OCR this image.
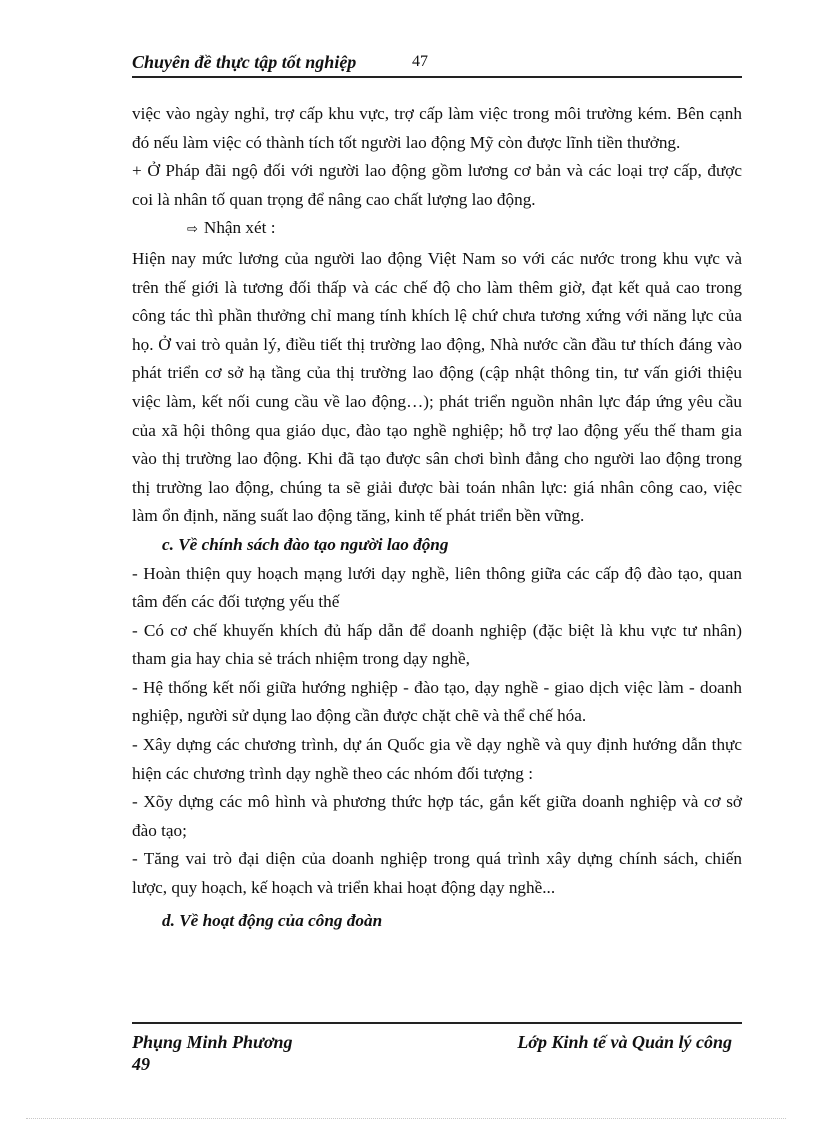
Chuyên đề thực tập tốt nghiệp	47
việc vào ngày nghỉ, trợ cấp khu vực, trợ cấp làm việc trong môi trường kém. Bên cạnh đó nếu làm việc có thành tích tốt người lao động Mỹ còn được lĩnh tiền thưởng.
+ Ở Pháp đãi ngộ đối với người lao động gồm lương cơ bản và các loại trợ cấp, được coi là nhân tố quan trọng để nâng cao chất lượng lao động.
⇨ Nhận xét :
Hiện nay mức lương của người lao động Việt Nam so với các nước trong khu vực và trên thế giới là tương đối thấp và các chế độ cho làm thêm giờ, đạt kết quả cao trong công tác thì phần thưởng chỉ mang tính khích lệ chứ chưa tương xứng với năng lực của họ. Ở vai trò quản lý, điều tiết thị trường lao động, Nhà nước cần đầu tư thích đáng vào phát triển cơ sở hạ tầng của thị trường lao động (cập nhật thông tin, tư vấn giới thiệu việc làm, kết nối cung cầu về lao động…); phát triển nguồn nhân lực đáp ứng yêu cầu của xã hội thông qua giáo dục, đào tạo nghề nghiệp; hỗ trợ lao động yếu thế tham gia vào thị trường lao động. Khi đã tạo được sân chơi bình đẳng cho người lao động trong thị trường lao động, chúng ta sẽ giải được bài toán nhân lực: giá nhân công cao, việc làm ổn định, năng suất lao động tăng, kinh tế phát triển bền vững.
c. Về chính sách đào tạo người lao động
- Hoàn thiện quy hoạch mạng lưới dạy nghề, liên thông giữa các cấp độ đào tạo, quan tâm đến các đối tượng yếu thế
- Có cơ chế khuyến khích đủ hấp dẫn để doanh nghiệp (đặc biệt là khu vực tư nhân) tham gia hay chia sẻ trách nhiệm trong dạy nghề,
- Hệ thống kết nối giữa hướng nghiệp - đào tạo, dạy nghề - giao dịch việc làm - doanh nghiệp, người sử dụng lao động cần được chặt chẽ và thể chế hóa.
- Xây dựng các chương trình, dự án Quốc gia về dạy nghề và quy định hướng dẫn thực hiện các chương trình dạy nghề theo các nhóm đối tượng :
- Xõy dựng các mô hình và phương thức hợp tác, gắn kết giữa doanh nghiệp và cơ sở đào tạo;
- Tăng vai trò đại diện của doanh nghiệp trong quá trình xây dựng chính sách, chiến lược, quy hoạch, kế hoạch và triển khai hoạt động dạy nghề...
d. Về hoạt động của công đoàn
Phụng Minh Phương	Lớp Kinh tế và Quản lý công
49
